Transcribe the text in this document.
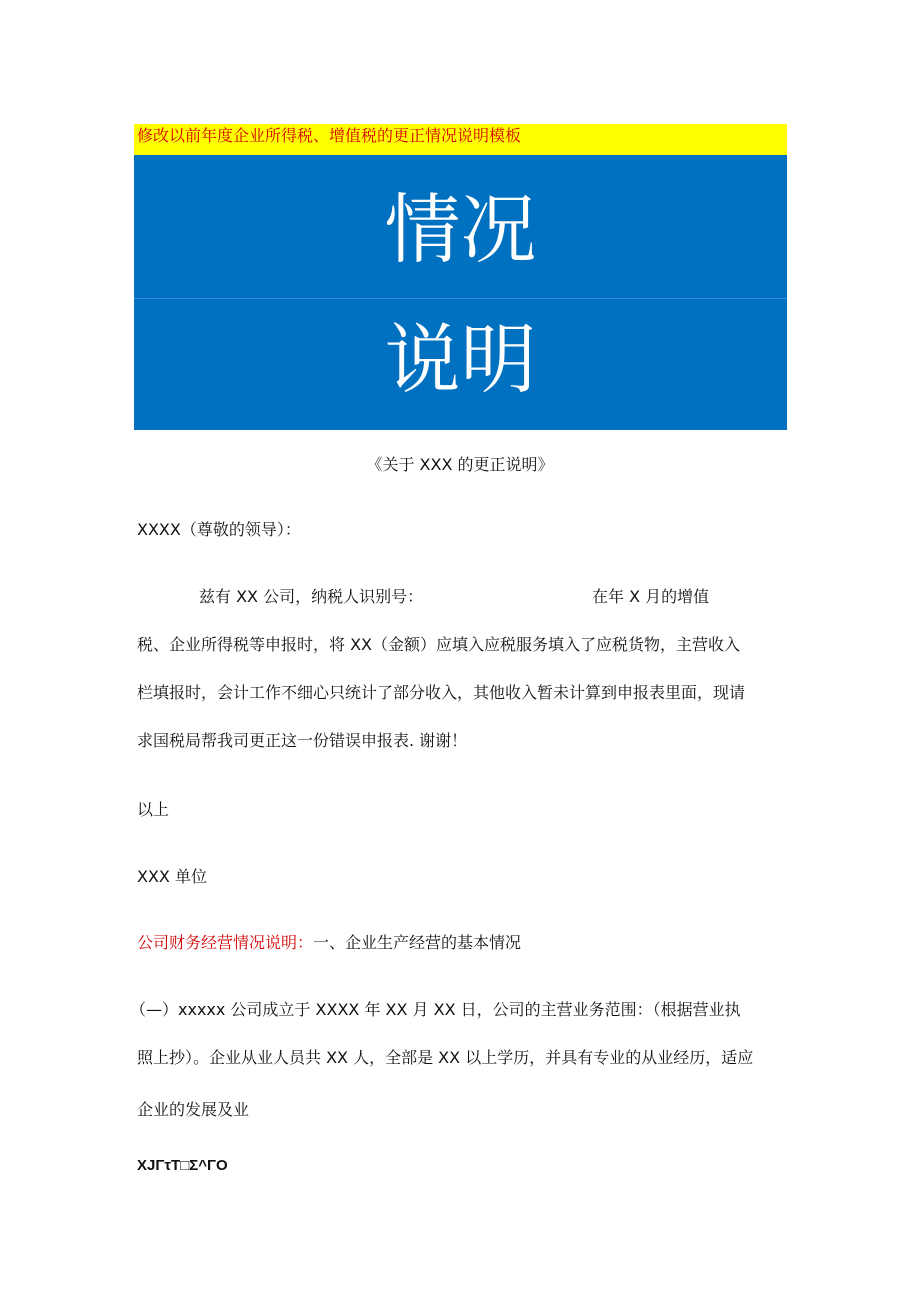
修改以前年度企业所得税、增值税的更正情况说明模板
情况
说明
《关于 XXX 的更正说明》
XXXX（尊敬的领导）：
兹有 XX 公司，纳税人识别号：	在年 X 月的增值
税、企业所得税等申报时，将 XX（金额）应填入应税服务填入了应税货物，主营收入
栏填报时，会计工作不细心只统计了部分收入，其他收入暂未计算到申报表里面，现请
求国税局帮我司更正这一份错误申报表. 谢谢！
以上
XXX 单位
公司财务经营情况说明：一、企业生产经营的基本情况
（—）xxxxx 公司成立于 XXXX 年 XX 月 XX 日，公司的主营业务范围：（根据营业执
照上抄）。企业从业人员共 XX 人，全部是 XX 以上学历，并具有专业的从业经历，适应
企业的发展及业
XJΓτT□Σ^ΓO
